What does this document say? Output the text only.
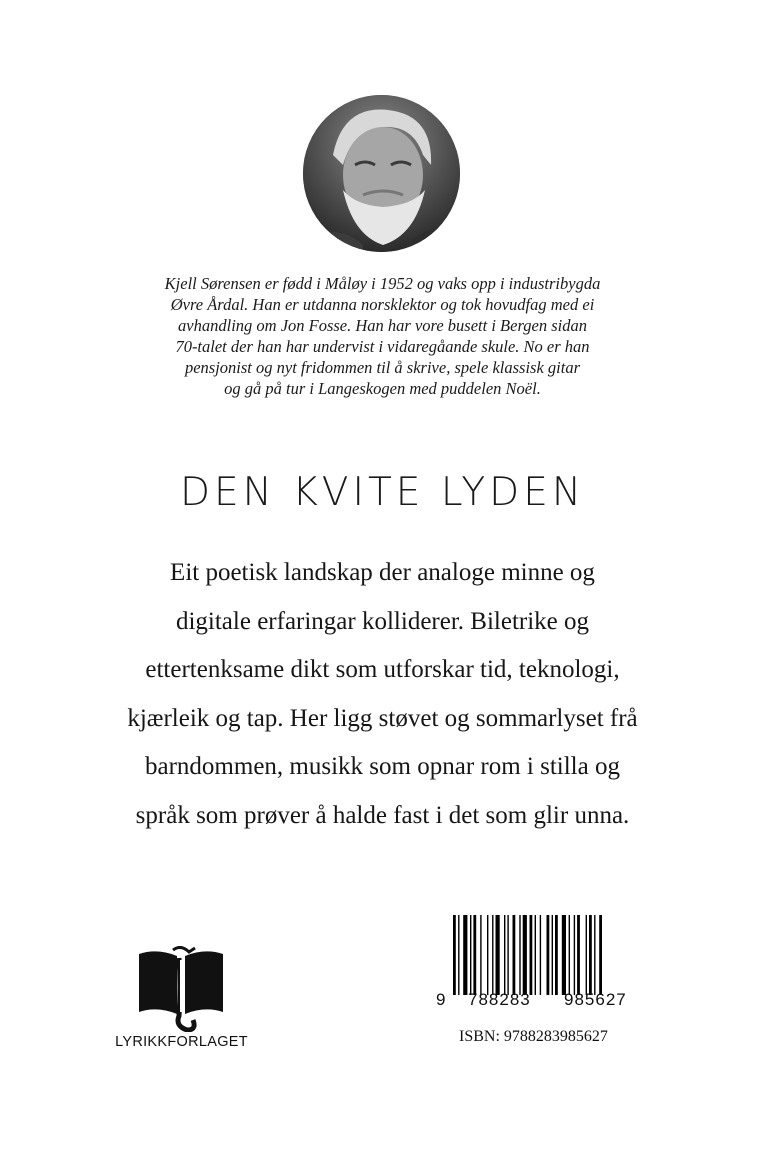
Kjell Sørensen er fødd i Måløy i 1952 og vaks opp i industribygda
Øvre Årdal. Han er utdanna norsklektor og tok hovudfag med ei
avhandling om Jon Fosse. Han har vore busett i Bergen sidan
70-talet der han har undervist i vidaregåande skule. No er han
pensjonist og nyt fridommen til å skrive, spele klassisk gitar
og gå på tur i Langeskogen med puddelen Noël.
DEN KVITE LYDEN
Eit poetisk landskap der analoge minne og
digitale erfaringar kolliderer. Biletrike og
ettertenksame dikt som utforskar tid, teknologi,
kjærleik og tap. Her ligg støvet og sommarlyset frå
barndommen, musikk som opnar rom i stilla og
språk som prøver å halde fast i det som glir unna.
LYRIKKFORLAGET
9 788283 985627
ISBN: 9788283985627
